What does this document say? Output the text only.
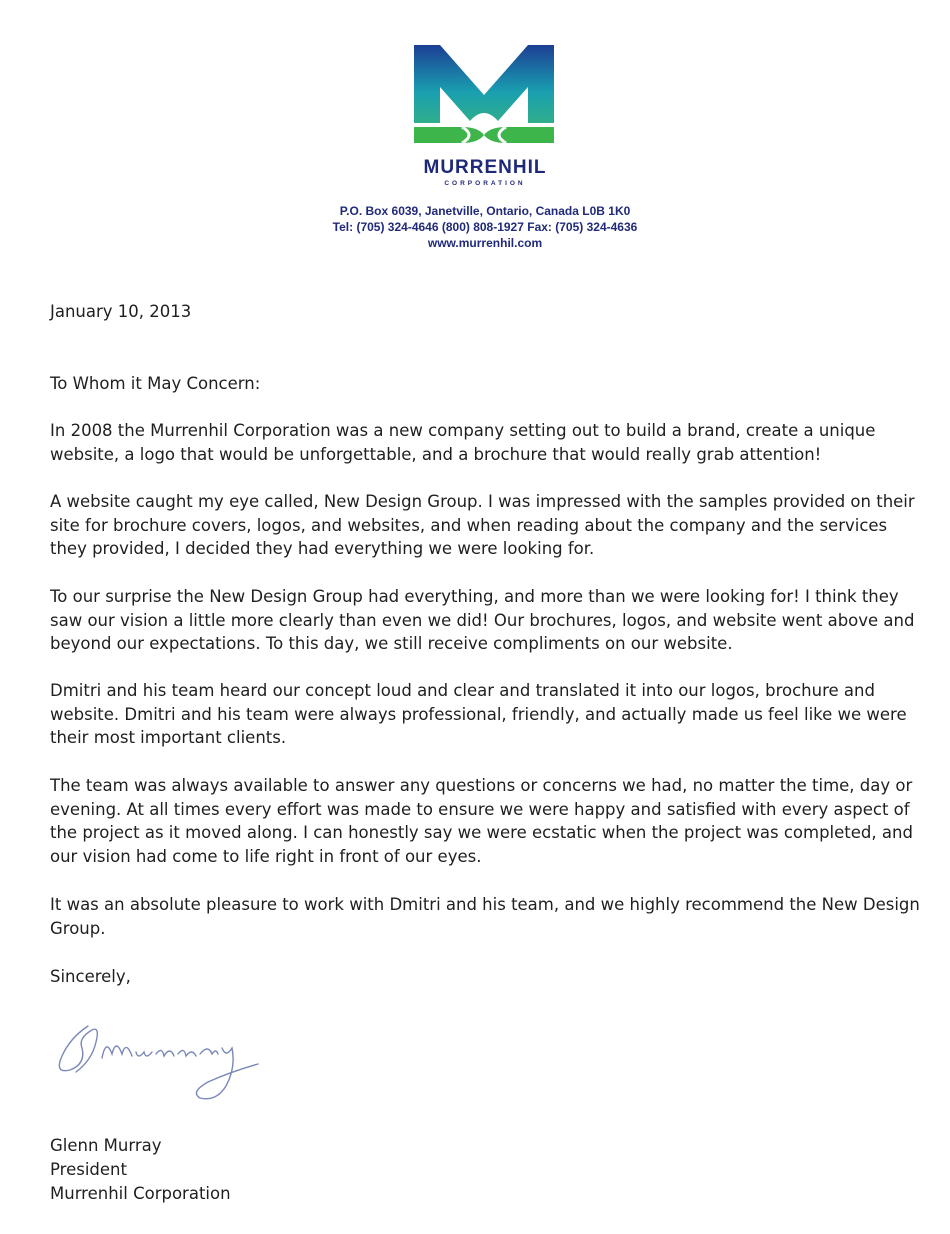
MURRENHIL
CORPORATION
P.O. Box 6039, Janetville, Ontario, Canada L0B 1K0
Tel: (705) 324-4646 (800) 808-1927 Fax: (705) 324-4636
www.murrenhil.com
January 10, 2013
To Whom it May Concern:
In 2008 the Murrenhil Corporation was a new company setting out to build a brand, create a unique website, a logo that would be unforgettable, and a brochure that would really grab attention!
A website caught my eye called, New Design Group. I was impressed with the samples provided on their site for brochure covers, logos, and websites, and when reading about the company and the services they provided, I decided they had everything we were looking for.
To our surprise the New Design Group had everything, and more than we were looking for! I think they saw our vision a little more clearly than even we did! Our brochures, logos, and website went above and beyond our expectations. To this day, we still receive compliments on our website.
Dmitri and his team heard our concept loud and clear and translated it into our logos, brochure and website. Dmitri and his team were always professional, friendly, and actually made us feel like we were their most important clients.
The team was always available to answer any questions or concerns we had, no matter the time, day or evening. At all times every effort was made to ensure we were happy and satisfied with every aspect of the project as it moved along. I can honestly say we were ecstatic when the project was completed, and our vision had come to life right in front of our eyes.
It was an absolute pleasure to work with Dmitri and his team, and we highly recommend the New Design Group.
Sincerely,
Glenn Murray
President
Murrenhil Corporation
